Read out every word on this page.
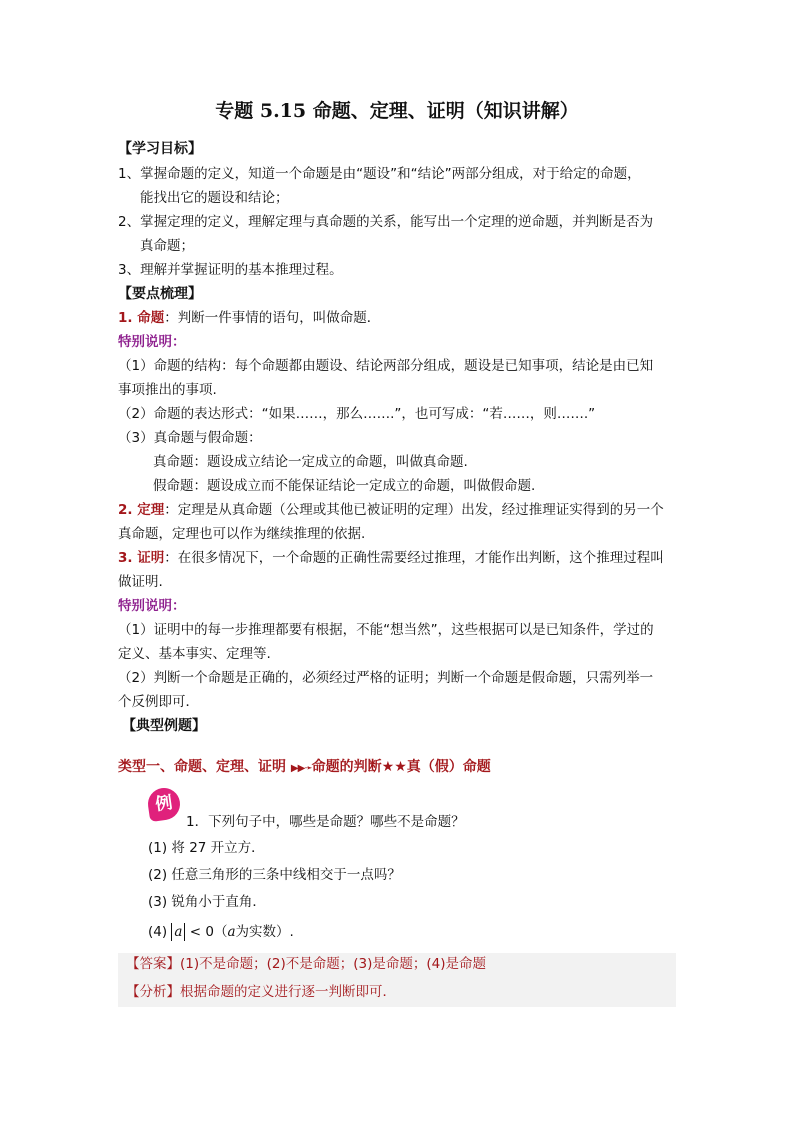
专题 5.15 命题、定理、证明（知识讲解）
【学习目标】
1、掌握命题的定义，知道一个命题是由“题设”和“结论”两部分组成，对于给定的命题，
能找出它的题设和结论；
2、掌握定理的定义，理解定理与真命题的关系，能写出一个定理的逆命题，并判断是否为
真命题；
3、理解并掌握证明的基本推理过程。
【要点梳理】
1. 命题：判断一件事情的语句，叫做命题．
特别说明：
（1）命题的结构：每个命题都由题设、结论两部分组成，题设是已知事项，结论是由已知
事项推出的事项.
（2）命题的表达形式：“如果……，那么…….”，也可写成：“若……，则…….”
（3）真命题与假命题：
真命题：题设成立结论一定成立的命题，叫做真命题.
假命题：题设成立而不能保证结论一定成立的命题，叫做假命题.
2. 定理：定理是从真命题（公理或其他已被证明的定理）出发，经过推理证实得到的另一个
真命题，定理也可以作为继续推理的依据.
3. 证明：在很多情况下，一个命题的正确性需要经过推理，才能作出判断，这个推理过程叫
做证明.
特别说明：
（1）证明中的每一步推理都要有根据，不能“想当然”，这些根据可以是已知条件，学过的
定义、基本事实、定理等.
（2）判断一个命题是正确的，必须经过严格的证明；判断一个命题是假命题，只需列举一
个反例即可．
【典型例题】
类型一、命题、定理、证明 ▶▶➛命题的判断★★真（假）命题
例
1．下列句子中，哪些是命题？哪些不是命题？
(1) 将 27 开立方．
(2) 任意三角形的三条中线相交于一点吗？
(3) 锐角小于直角．
(4) a < 0（a为实数）.
【答案】(1)不是命题；(2)不是命题；(3)是命题；(4)是命题
【分析】根据命题的定义进行逐一判断即可．
